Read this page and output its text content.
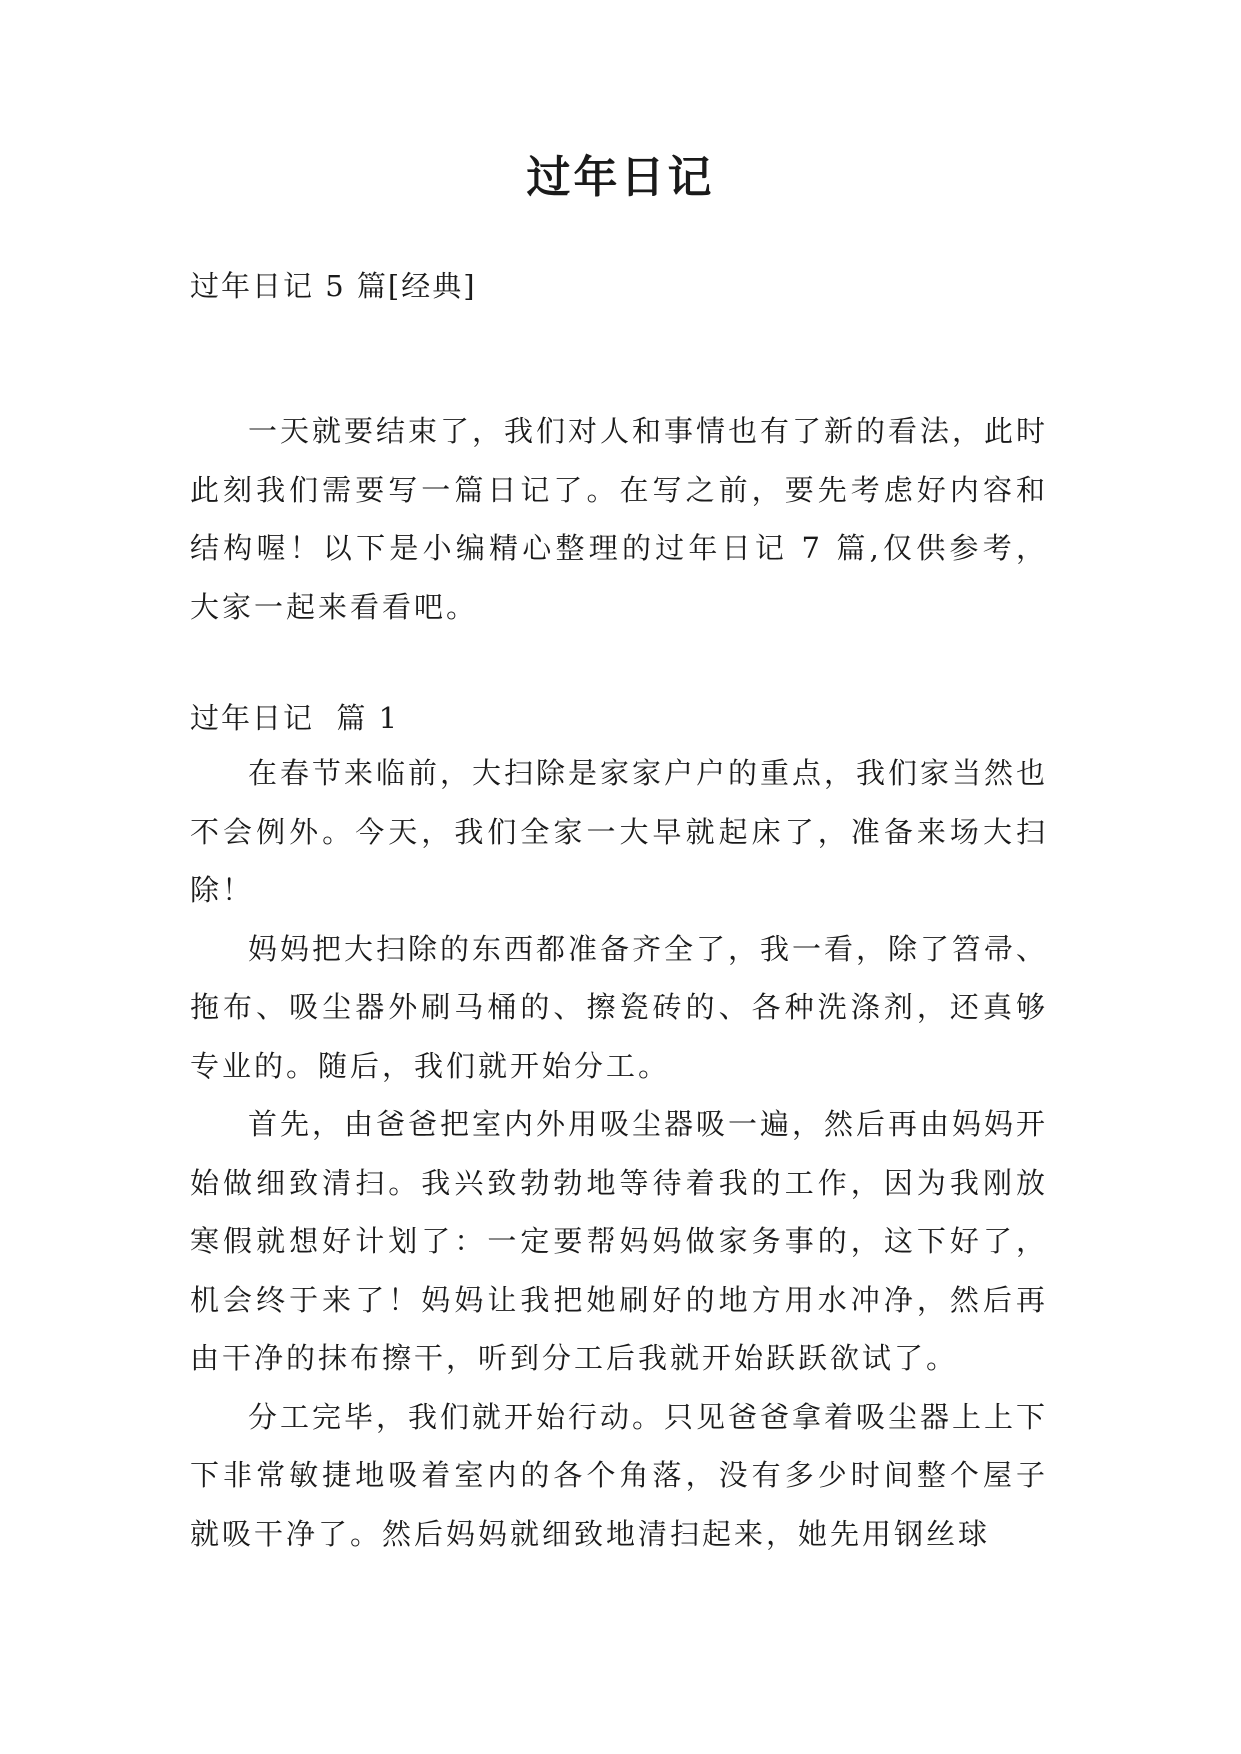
过年日记

过年日记 5 篇[经典]

一天就要结束了，我们对人和事情也有了新的看法，此时此刻我们需要写一篇日记了。在写之前，要先考虑好内容和结构喔！以下是小编精心整理的过年日记 7 篇,仅供参考，大家一起来看看吧。

过年日记  篇 1

在春节来临前，大扫除是家家户户的重点，我们家当然也不会例外。今天，我们全家一大早就起床了，准备来场大扫除！

妈妈把大扫除的东西都准备齐全了，我一看，除了笤帚、拖布、吸尘器外刷马桶的、擦瓷砖的、各种洗涤剂，还真够专业的。随后，我们就开始分工。

首先，由爸爸把室内外用吸尘器吸一遍，然后再由妈妈开始做细致清扫。我兴致勃勃地等待着我的工作，因为我刚放寒假就想好计划了：一定要帮妈妈做家务事的，这下好了，机会终于来了！妈妈让我把她刷好的地方用水冲净，然后再由干净的抹布擦干，听到分工后我就开始跃跃欲试了。

分工完毕，我们就开始行动。只见爸爸拿着吸尘器上上下下非常敏捷地吸着室内的各个角落，没有多少时间整个屋子就吸干净了。然后妈妈就细致地清扫起来，她先用钢丝球
